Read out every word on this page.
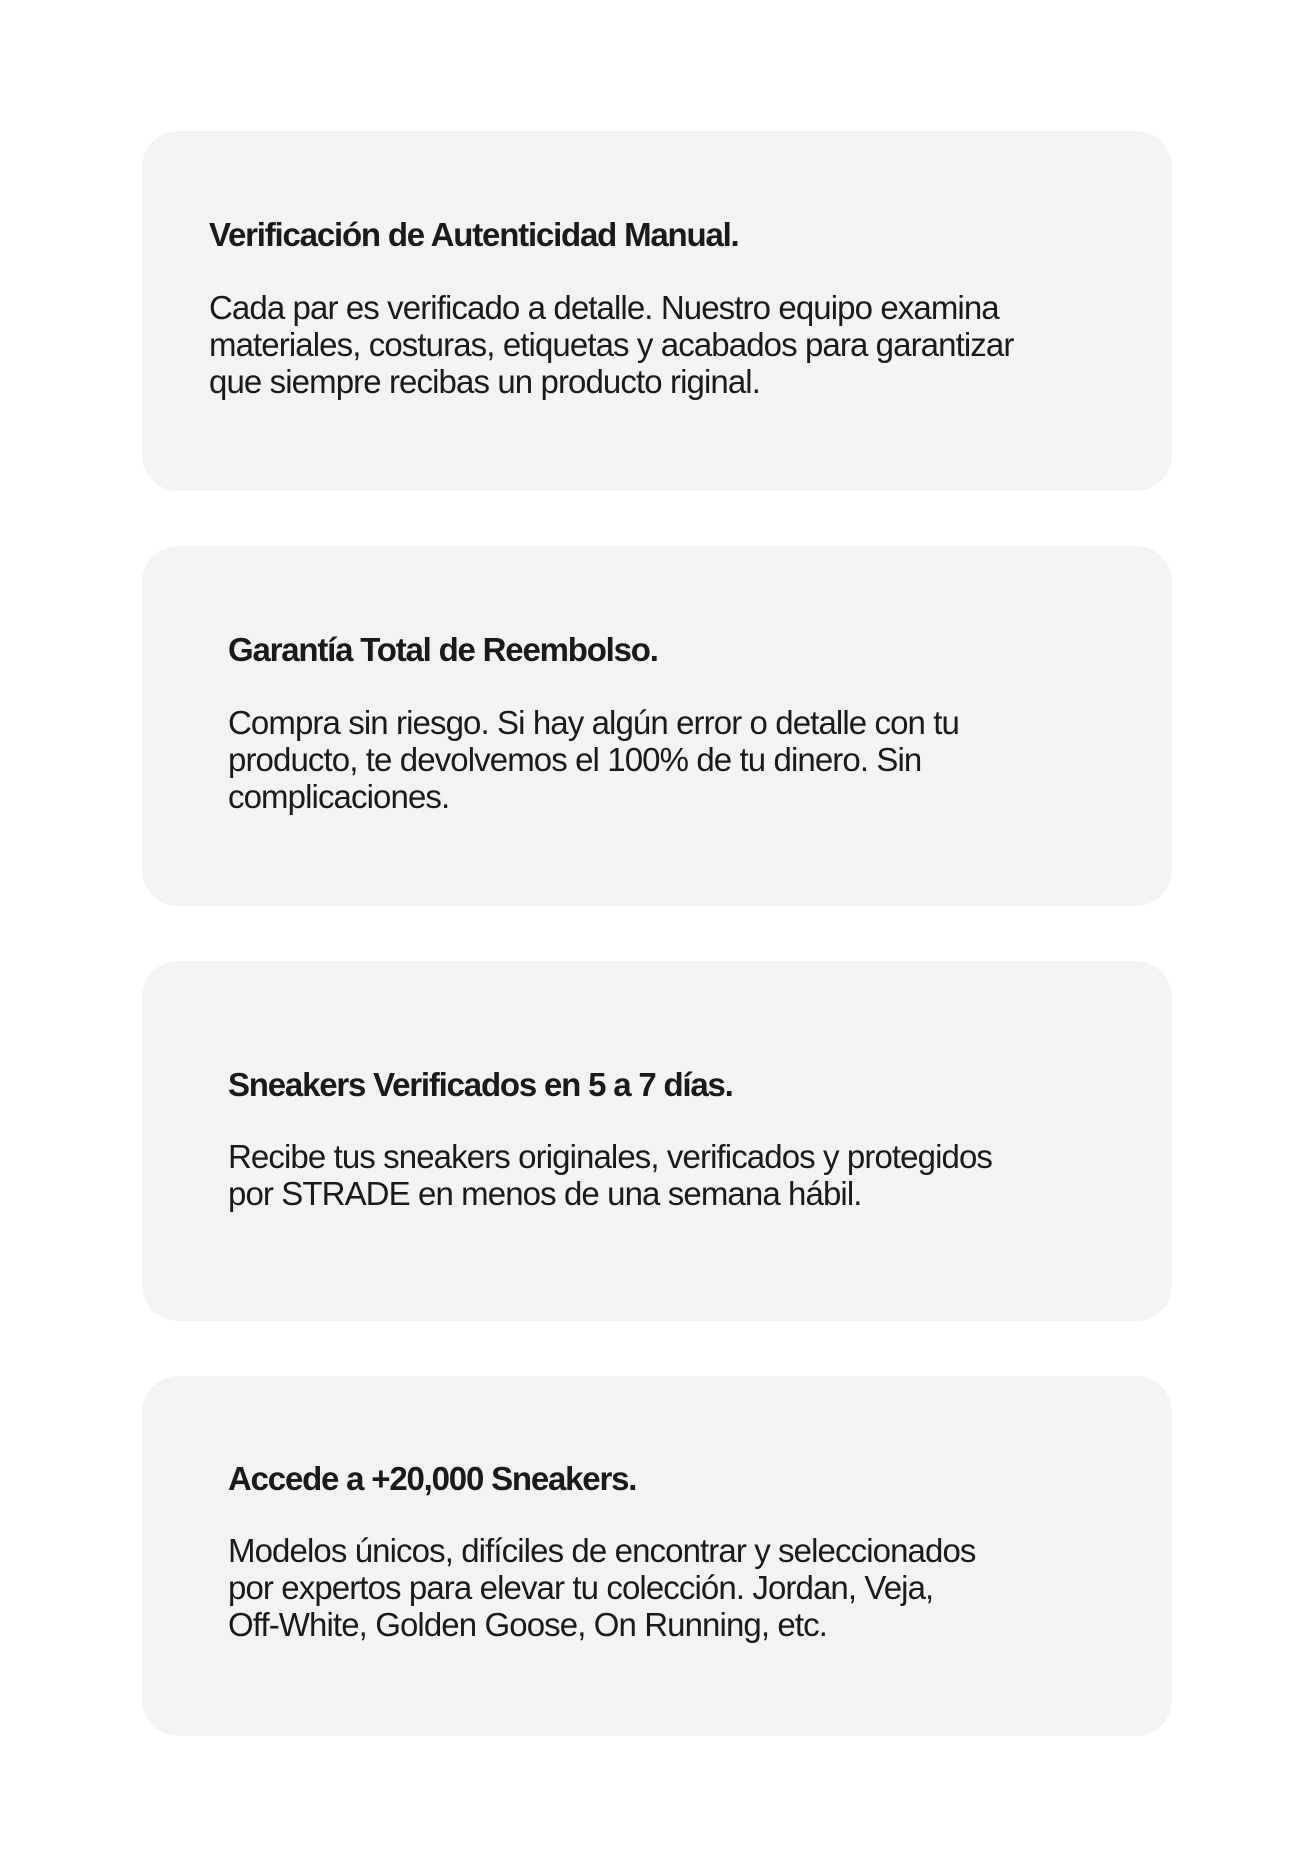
Verificación de Autenticidad Manual.

Cada par es verificado a detalle. Nuestro equipo examina
materiales, costuras, etiquetas y acabados para garantizar
que siempre recibas un producto riginal.

Garantía Total de Reembolso.

Compra sin riesgo. Si hay algún error o detalle con tu
producto, te devolvemos el 100% de tu dinero. Sin
complicaciones.

Sneakers Verificados en 5 a 7 días.

Recibe tus sneakers originales, verificados y protegidos
por STRADE en menos de una semana hábil.

Accede a +20,000 Sneakers.

Modelos únicos, difíciles de encontrar y seleccionados
por expertos para elevar tu colección. Jordan, Veja,
Off-White, Golden Goose, On Running, etc.
